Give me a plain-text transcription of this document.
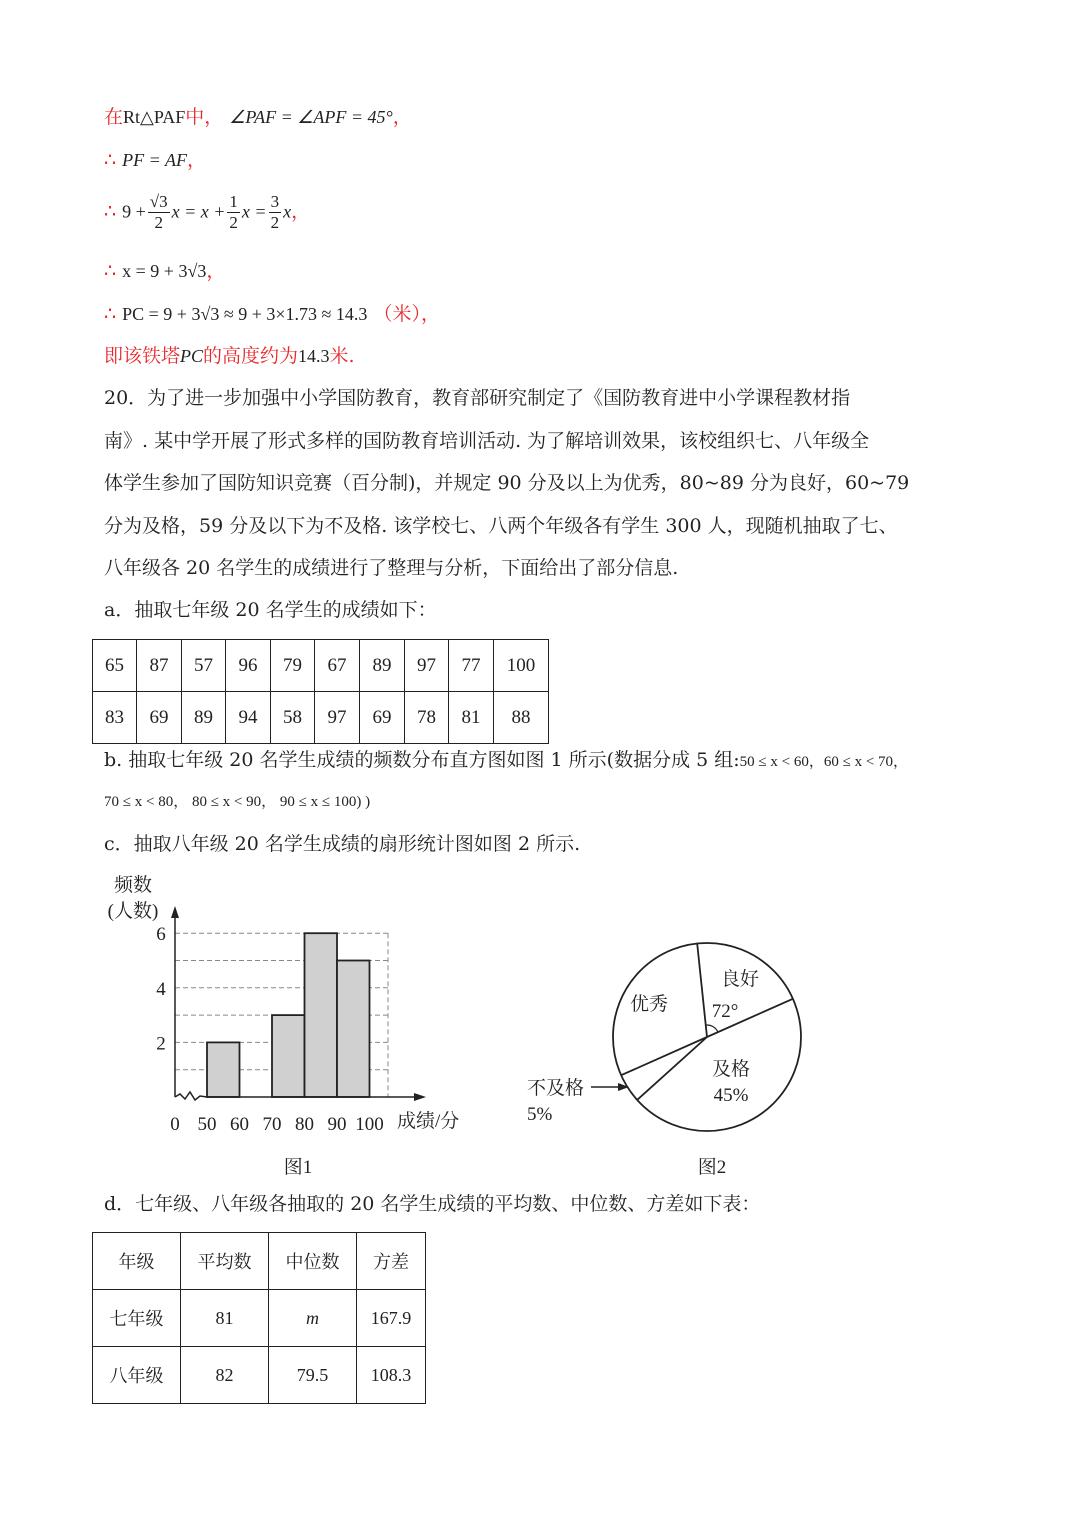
在Rt△PAF中， ∠PAF = ∠APF = 45°，
∴ PF = AF，
∴ $9 + \frac{√3}{2}$ $x = x + \frac{1}{2}$ $x = \frac{3}{2}$ x，
∴ x = 9 + 3√3，
∴ PC = 9 + 3√3 ≈ 9 + 3×1.73 ≈ 14.3 （米），
即该铁塔PC的高度约为14.3米.
20．为了进一步加强中小学国防教育，教育部研究制定了《国防教育进中小学课程教材指
南》. 某中学开展了形式多样的国防教育培训活动. 为了解培训效果，该校组织七、八年级全
体学生参加了国防知识竞赛（百分制)，并规定 90 分及以上为优秀，80~89 分为良好，60~79
分为及格，59 分及以下为不及格. 该学校七、八两个年级各有学生 300 人，现随机抽取了七、
八年级各 20 名学生的成绩进行了整理与分析，下面给出了部分信息.
a．抽取七年级 20 名学生的成绩如下：
65	87	57	96	79	67	89	97	77	100
83	69	89	94	58	97	69	78	81	88
b. 抽取七年级 20 名学生成绩的频数分布直方图如图 1 所示(数据分成 5 组:50 ≤ x < 60，60 ≤ x < 70，
70 ≤ x < 80， 80 ≤ x < 90， 90 ≤ x ≤ 100) )
c．抽取八年级 20 名学生成绩的扇形统计图如图 2 所示.
2
4
6
0 50 60 70 80 90 100
频数
(人数)
成绩/分
图1
良好
72°
及格
45%
优秀
不及格
5%
图2
d．七年级、八年级各抽取的 20 名学生成绩的平均数、中位数、方差如下表：
年级	平均数	中位数	方差
七年级	81	m	167.9
八年级	82	79.5	108.3
